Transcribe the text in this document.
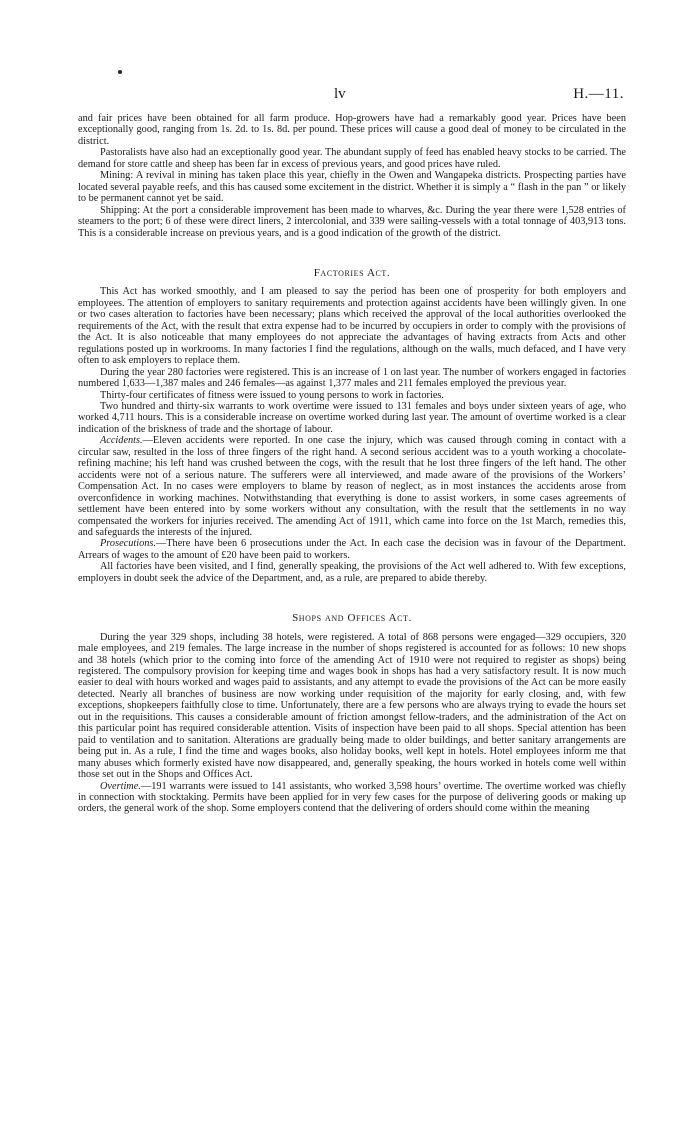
lv	H.—11.

and fair prices have been obtained for all farm produce. Hop-growers have had a remarkably good year. Prices have been exceptionally good, ranging from 1s. 2d. to 1s. 8d. per pound. These prices will cause a good deal of money to be circulated in the district.

Pastoralists have also had an exceptionally good year. The abundant supply of feed has enabled heavy stocks to be carried. The demand for store cattle and sheep has been far in excess of previous years, and good prices have ruled.

Mining: A revival in mining has taken place this year, chiefly in the Owen and Wangapeka districts. Prospecting parties have located several payable reefs, and this has caused some excitement in the district. Whether it is simply a “ flash in the pan ” or likely to be permanent cannot yet be said.

Shipping: At the port a considerable improvement has been made to wharves, &c. During the year there were 1,528 entries of steamers to the port; 6 of these were direct liners, 2 intercolonial, and 339 were sailing-vessels with a total tonnage of 403,913 tons. This is a considerable increase on previous years, and is a good indication of the growth of the district.

Factories Act.

This Act has worked smoothly, and I am pleased to say the period has been one of prosperity for both employers and employees. The attention of employers to sanitary requirements and protection against accidents have been willingly given. In one or two cases alteration to factories have been necessary; plans which received the approval of the local authorities overlooked the requirements of the Act, with the result that extra expense had to be incurred by occupiers in order to comply with the provisions of the Act. It is also noticeable that many employees do not appreciate the advantages of having extracts from Acts and other regulations posted up in workrooms. In many factories I find the regulations, although on the walls, much defaced, and I have very often to ask employers to replace them.

During the year 280 factories were registered. This is an increase of 1 on last year. The number of workers engaged in factories numbered 1,633—1,387 males and 246 females—as against 1,377 males and 211 females employed the previous year.

Thirty-four certificates of fitness were issued to young persons to work in factories.

Two hundred and thirty-six warrants to work overtime were issued to 131 females and boys under sixteen years of age, who worked 4,711 hours. This is a considerable increase on overtime worked during last year. The amount of overtime worked is a clear indication of the briskness of trade and the shortage of labour.

Accidents.—Eleven accidents were reported. In one case the injury, which was caused through coming in contact with a circular saw, resulted in the loss of three fingers of the right hand. A second serious accident was to a youth working a chocolate-refining machine; his left hand was crushed between the cogs, with the result that he lost three fingers of the left hand. The other accidents were not of a serious nature. The sufferers were all interviewed, and made aware of the provisions of the Workers’ Compensation Act. In no cases were employers to blame by reason of neglect, as in most instances the accidents arose from overconfidence in working machines. Notwithstanding that everything is done to assist workers, in some cases agreements of settlement have been entered into by some workers without any consultation, with the result that the settlements in no way compensated the workers for injuries received. The amending Act of 1911, which came into force on the 1st March, remedies this, and safeguards the interests of the injured.

Prosecutions.—There have been 6 prosecutions under the Act. In each case the decision was in favour of the Department. Arrears of wages to the amount of £20 have been paid to workers.

All factories have been visited, and I find, generally speaking, the provisions of the Act well adhered to. With few exceptions, employers in doubt seek the advice of the Department, and, as a rule, are prepared to abide thereby.

Shops and Offices Act.

During the year 329 shops, including 38 hotels, were registered. A total of 868 persons were engaged—329 occupiers, 320 male employees, and 219 females. The large increase in the number of shops registered is accounted for as follows: 10 new shops and 38 hotels (which prior to the coming into force of the amending Act of 1910 were not required to register as shops) being registered. The compulsory provision for keeping time and wages book in shops has had a very satisfactory result. It is now much easier to deal with hours worked and wages paid to assistants, and any attempt to evade the provisions of the Act can be more easily detected. Nearly all branches of business are now working under requisition of the majority for early closing, and, with few exceptions, shopkeepers faithfully close to time. Unfortunately, there are a few persons who are always trying to evade the hours set out in the requisitions. This causes a considerable amount of friction amongst fellow-traders, and the administration of the Act on this particular point has required considerable attention. Visits of inspection have been paid to all shops. Special attention has been paid to ventilation and to sanitation. Alterations are gradually being made to older buildings, and better sanitary arrangements are being put in. As a rule, I find the time and wages books, also holiday books, well kept in hotels. Hotel employees inform me that many abuses which formerly existed have now disappeared, and, generally speaking, the hours worked in hotels come well within those set out in the Shops and Offices Act.

Overtime.—191 warrants were issued to 141 assistants, who worked 3,598 hours’ overtime. The overtime worked was chiefly in connection with stocktaking. Permits have been applied for in very few cases for the purpose of delivering goods or making up orders, the general work of the shop. Some employers contend that the delivering of orders should come within the meaning
